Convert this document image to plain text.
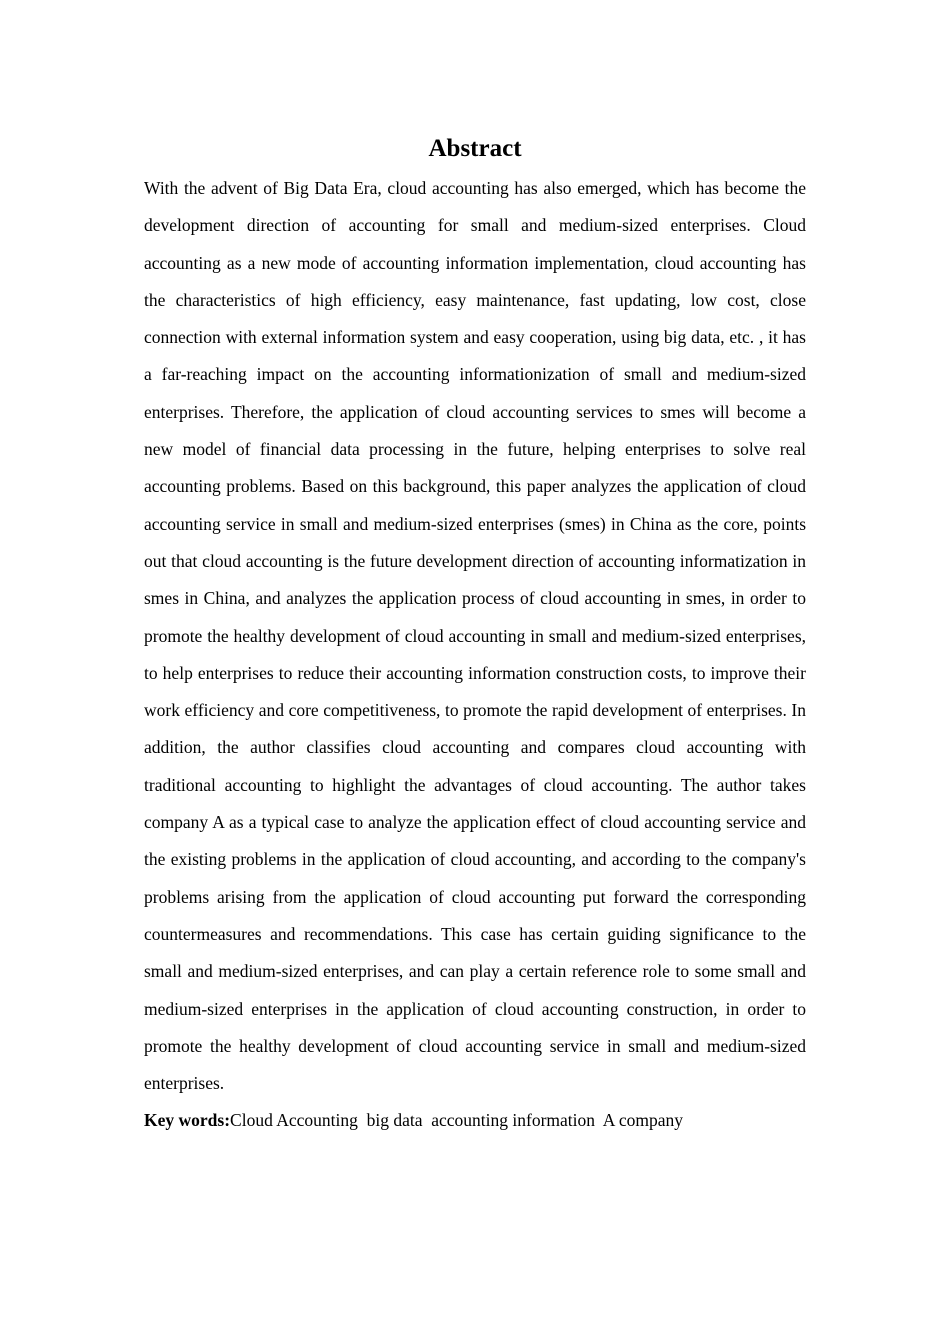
Abstract

With the advent of Big Data Era, cloud accounting has also emerged, which has become the development direction of accounting for small and medium-sized enterprises. Cloud accounting as a new mode of accounting information implementation, cloud accounting has the characteristics of high efficiency, easy maintenance, fast updating, low cost, close connection with external information system and easy cooperation, using big data, etc. , it has a far-reaching impact on the accounting informationization of small and medium-sized enterprises. Therefore, the application of cloud accounting services to smes will become a new model of financial data processing in the future, helping enterprises to solve real accounting problems. Based on this background, this paper analyzes the application of cloud accounting service in small and medium-sized enterprises (smes) in China as the core, points out that cloud accounting is the future development direction of accounting informatization in smes in China, and analyzes the application process of cloud accounting in smes, in order to promote the healthy development of cloud accounting in small and medium-sized enterprises, to help enterprises to reduce their accounting information construction costs, to improve their work efficiency and core competitiveness, to promote the rapid development of enterprises. In addition, the author classifies cloud accounting and compares cloud accounting with traditional accounting to highlight the advantages of cloud accounting. The author takes company A as a typical case to analyze the application effect of cloud accounting service and the existing problems in the application of cloud accounting, and according to the company's problems arising from the application of cloud accounting put forward the corresponding countermeasures and recommendations. This case has certain guiding significance to the small and medium-sized enterprises, and can play a certain reference role to some small and medium-sized enterprises in the application of cloud accounting construction, in order to promote the healthy development of cloud accounting service in small and medium-sized enterprises.

Key words:Cloud Accounting  big data  accounting information  A company
